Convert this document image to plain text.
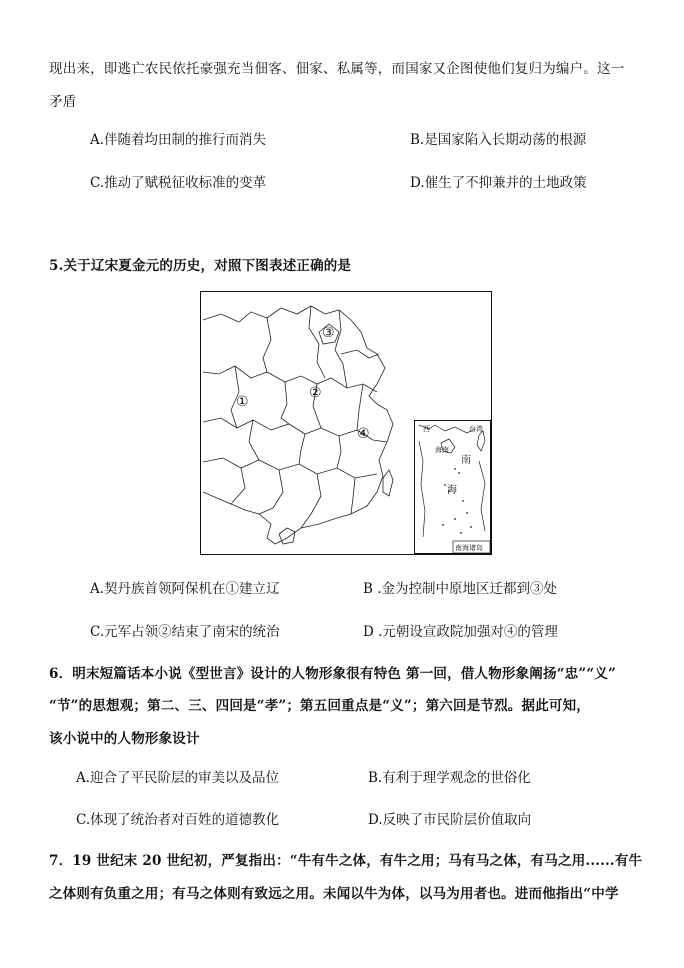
现出来，即逃亡农民依托豪强充当佃客、佃家、私属等，而国家又企图使他们复归为编户。这一
矛盾
A.伴随着均田制的推行而消失	B.是国家陷入长期动荡的根源
C.推动了赋税征收标准的变革	D.催生了不抑兼并的土地政策
5.关于辽宋夏金元的历史，对照下图表述正确的是
①
②
③
④	西	台湾
海南
南
海
南海诸岛
A.契丹族首领阿保机在①建立辽	B .金为控制中原地区迁都到③处
C.元军占领②结束了南宋的统治	D .元朝设宣政院加强对④的管理
6．明末短篇话本小说《型世言》设计的人物形象很有特色 第一回，借人物形象阐扬“忠”“义”
“节”的思想观；第二、三、四回是“孝”；第五回重点是“义”；第六回是节烈。据此可知，
该小说中的人物形象设计
A.迎合了平民阶层的审美以及品位	B.有利于理学观念的世俗化
C.体现了统治者对百姓的道德教化	D.反映了市民阶层价值取向
7．19 世纪末 20 世纪初，严复指出：“牛有牛之体，有牛之用；马有马之体，有马之用......有牛
之体则有负重之用；有马之体则有致远之用。未闻以牛为体，以马为用者也。进而他指出“中学
